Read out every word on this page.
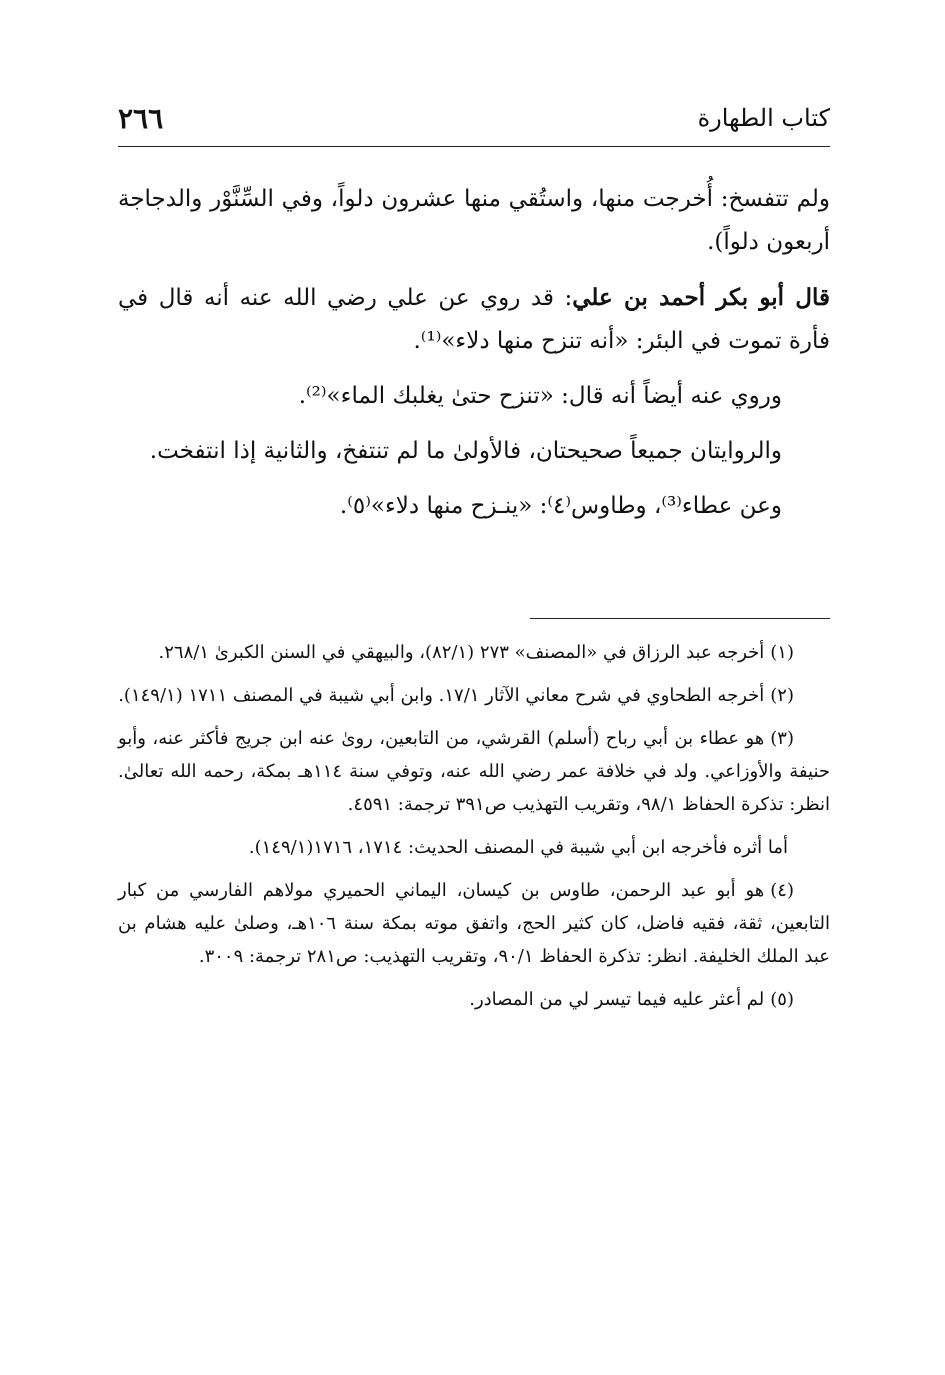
كتاب الطهارة
٢٦٦

ولم تتفسخ: أُخرجت منها، واستُقي منها عشرون دلواً، وفي السِّنَّوْر والدجاجة أربعون دلواً).

قال أبو بكر أحمد بن علي: قد روي عن علي رضي الله عنه أنه قال في فأرة تموت في البئر: «أنه تنزح منها دلاء»⁽¹⁾.

وروي عنه أيضاً أنه قال: «تنزح حتىٰ يغلبك الماء»⁽²⁾.

والروايتان جميعاً صحيحتان، فالأولىٰ ما لم تنتفخ، والثانية إذا انتفخت.

وعن عطاء⁽³⁾، وطاوس⁽٤⁾: «ينـزح منها دلاء»⁽٥⁾.

(١)أخرجه عبد الرزاق في «المصنف» ٢٧٣ (٨٢/١)، والبيهقي في السنن الكبرىٰ ٢٦٨/١.

(٢)أخرجه الطحاوي في شرح معاني الآثار ١٧/١. وابن أبي شيبة في المصنف ١٧١١ (١٤٩/١).

(٣)هو عطاء بن أبي رباح (أسلم) القرشي، من التابعين، روىٰ عنه ابن جريج فأكثر عنه، وأبو حنيفة والأوزاعي. ولد في خلافة عمر رضي الله عنه، وتوفي سنة ١١٤هـ بمكة، رحمه الله تعالىٰ. انظر: تذكرة الحفاظ ٩٨/١، وتقريب التهذيب ص٣٩١ ترجمة: ٤٥٩١.

أما أثره فأخرجه ابن أبي شيبة في المصنف الحديث: ١٧١٤، ١٧١٦(١٤٩/١).

(٤)هو أبو عبد الرحمن، طاوس بن كيسان، اليماني الحميري مولاهم الفارسي من كبار التابعين، ثقة، فقيه فاضل، كان كثير الحج، واتفق موته بمكة سنة ١٠٦هـ، وصلىٰ عليه هشام بن عبد الملك الخليفة. انظر: تذكرة الحفاظ ٩٠/١، وتقريب التهذيب: ص٢٨١ ترجمة: ٣٠٠٩.

(٥)لم أعثر عليه فيما تيسر لي من المصادر.
